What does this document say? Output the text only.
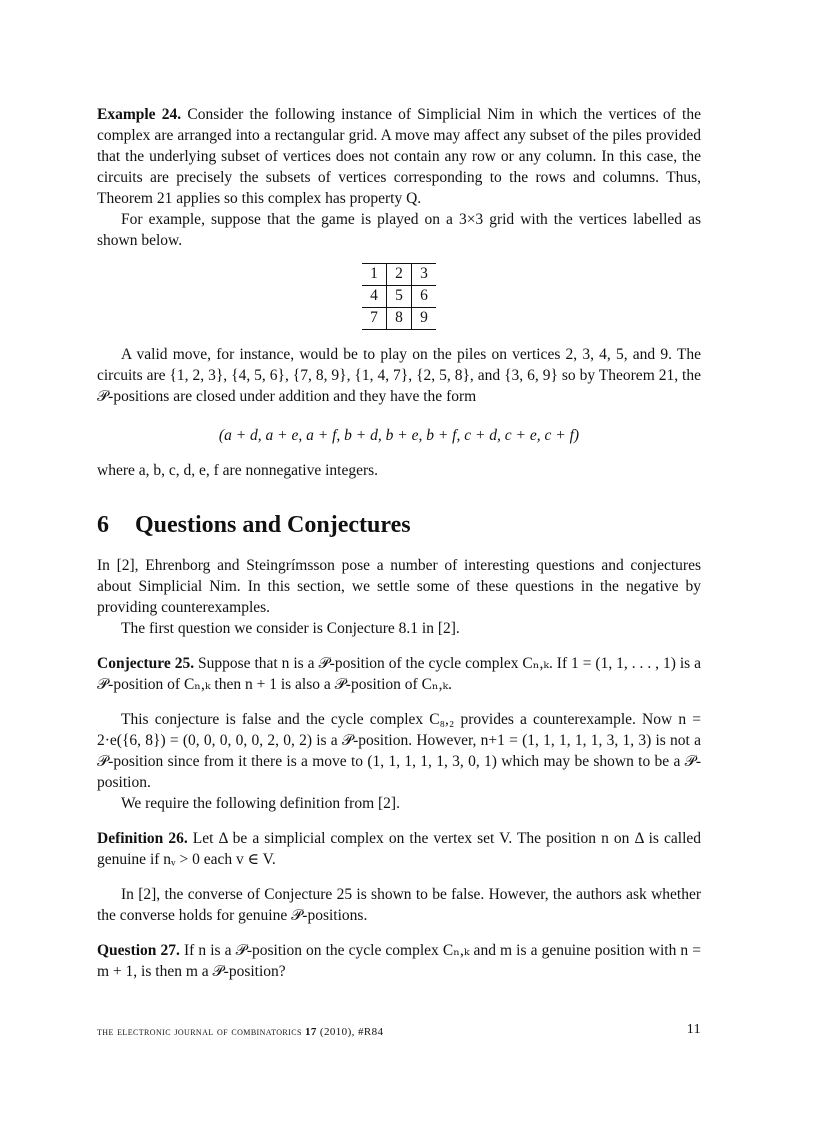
Example 24. Consider the following instance of Simplicial Nim in which the vertices of the complex are arranged into a rectangular grid. A move may affect any subset of the piles provided that the underlying subset of vertices does not contain any row or any column. In this case, the circuits are precisely the subsets of vertices corresponding to the rows and columns. Thus, Theorem 21 applies so this complex has property Q.

For example, suppose that the game is played on a 3×3 grid with the vertices labelled as shown below.

1	2	3
4	5	6
7	8	9

A valid move, for instance, would be to play on the piles on vertices 2, 3, 4, 5, and 9. The circuits are {1, 2, 3}, {4, 5, 6}, {7, 8, 9}, {1, 4, 7}, {2, 5, 8}, and {3, 6, 9} so by Theorem 21, the 𝒫-positions are closed under addition and they have the form

(a + d, a + e, a + f, b + d, b + e, b + f, c + d, c + e, c + f)

where a, b, c, d, e, f are nonnegative integers.

6 Questions and Conjectures

In [2], Ehrenborg and Steingrímsson pose a number of interesting questions and conjectures about Simplicial Nim. In this section, we settle some of these questions in the negative by providing counterexamples.

The first question we consider is Conjecture 8.1 in [2].

Conjecture 25. Suppose that n is a 𝒫-position of the cycle complex Cₙ,ₖ. If 1 = (1, 1, . . . , 1) is a 𝒫-position of Cₙ,ₖ then n + 1 is also a 𝒫-position of Cₙ,ₖ.

This conjecture is false and the cycle complex C₈,₂ provides a counterexample. Now n = 2·e({6, 8}) = (0, 0, 0, 0, 0, 2, 0, 2) is a 𝒫-position. However, n+1 = (1, 1, 1, 1, 1, 3, 1, 3) is not a 𝒫-position since from it there is a move to (1, 1, 1, 1, 1, 3, 0, 1) which may be shown to be a 𝒫-position.

We require the following definition from [2].

Definition 26. Let Δ be a simplicial complex on the vertex set V. The position n on Δ is called genuine if nᵥ > 0 each v ∈ V.

In [2], the converse of Conjecture 25 is shown to be false. However, the authors ask whether the converse holds for genuine 𝒫-positions.

Question 27. If n is a 𝒫-position on the cycle complex Cₙ,ₖ and m is a genuine position with n = m + 1, is then m a 𝒫-position?

the electronic journal of combinatorics 17 (2010), #R84	11
